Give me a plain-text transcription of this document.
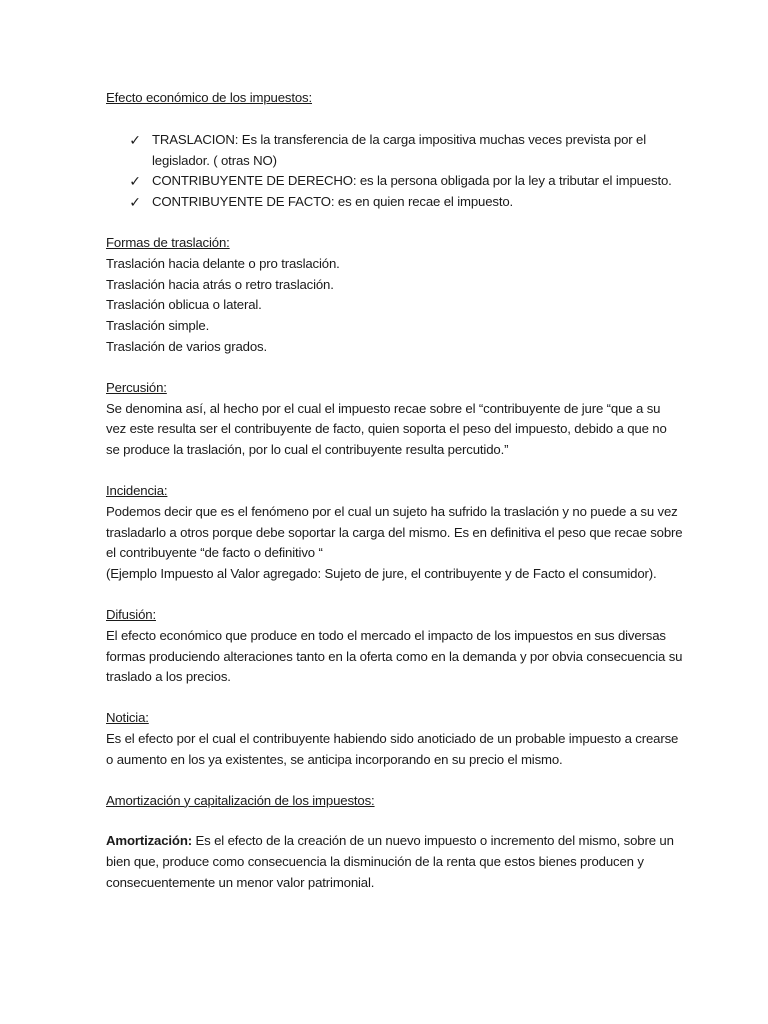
Efecto económico de los impuestos:
✓ TRASLACION: Es la transferencia de la carga impositiva muchas veces prevista por el
legislador. ( otras NO)
✓ CONTRIBUYENTE DE DERECHO: es la persona obligada por la ley a tributar el impuesto.
✓ CONTRIBUYENTE DE FACTO: es en quien recae el impuesto.
Formas de traslación:
Traslación hacia delante o pro traslación.
Traslación hacia atrás o retro traslación.
Traslación oblicua o lateral.
Traslación simple.
Traslación de varios grados.
Percusión:
Se denomina así, al hecho por el cual el impuesto recae sobre el “contribuyente de jure “que a su
vez este resulta ser el contribuyente de facto, quien soporta el peso del impuesto, debido a que no
se produce la traslación, por lo cual el contribuyente resulta percutido.”
Incidencia:
Podemos decir que es el fenómeno por el cual un sujeto ha sufrido la traslación y no puede a su vez
trasladarlo a otros porque debe soportar la carga del mismo. Es en definitiva el peso que recae sobre
el contribuyente “de facto o definitivo “
(Ejemplo Impuesto al Valor agregado: Sujeto de jure, el contribuyente y de Facto el consumidor).
Difusión:
El efecto económico que produce en todo el mercado el impacto de los impuestos en sus diversas
formas produciendo alteraciones tanto en la oferta como en la demanda y por obvia consecuencia su
traslado a los precios.
Noticia:
Es el efecto por el cual el contribuyente habiendo sido anoticiado de un probable impuesto a crearse
o aumento en los ya existentes, se anticipa incorporando en su precio el mismo.
Amortización y capitalización de los impuestos:
Amortización: Es el efecto de la creación de un nuevo impuesto o incremento del mismo, sobre un
bien que, produce como consecuencia la disminución de la renta que estos bienes producen y
consecuentemente un menor valor patrimonial.
